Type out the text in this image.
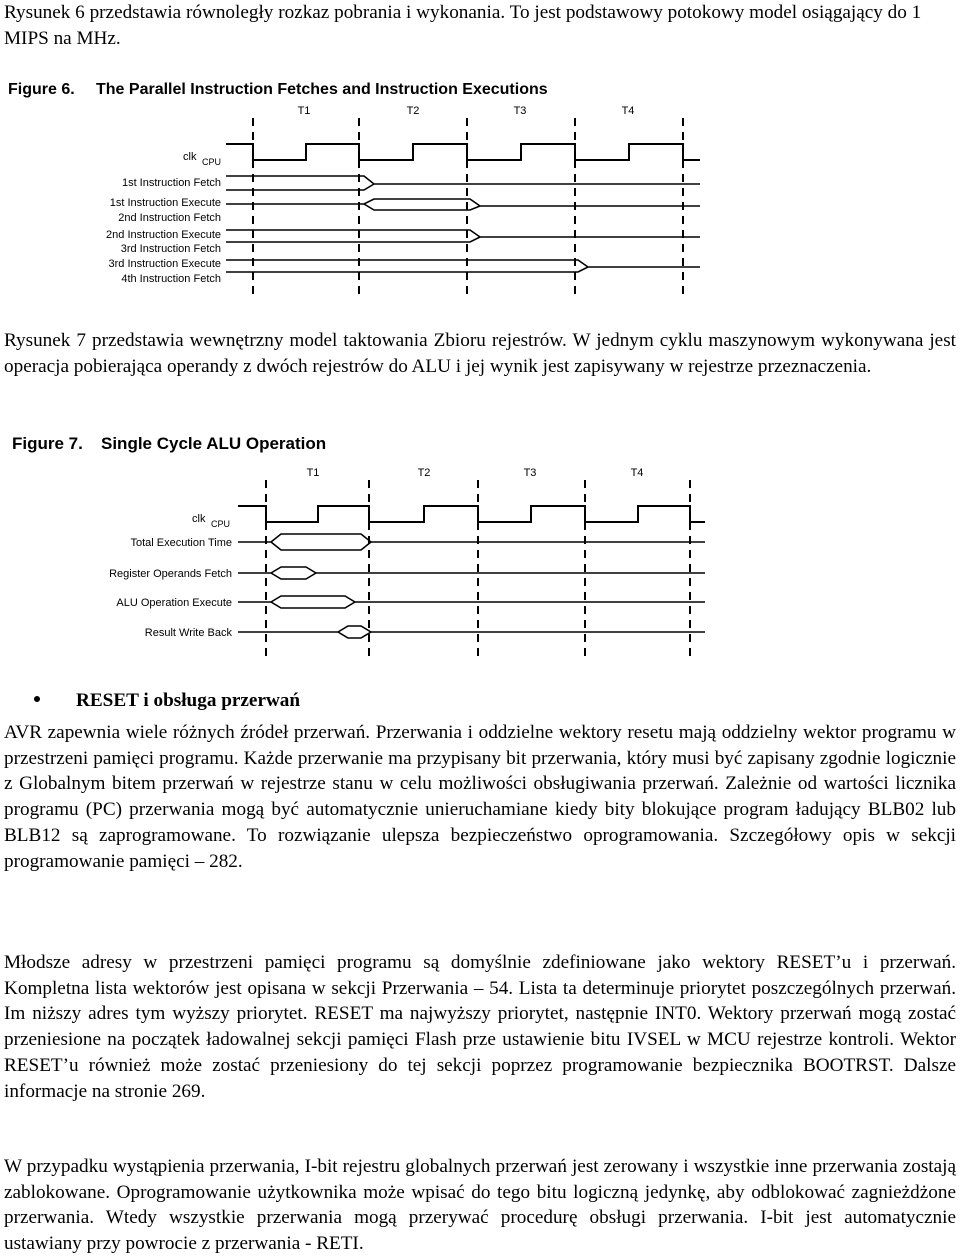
Rysunek 6 przedstawia równoległy rozkaz pobrania i wykonania. To jest podstawowy potokowy model osiągający do 1 MIPS na MHz.

Figure 6. The Parallel Instruction Fetches and Instruction Executions
T1	T2	T3	T4
clk CPU
1st Instruction Fetch
1st Instruction Execute
2nd Instruction Fetch
2nd Instruction Execute
3rd Instruction Fetch
3rd Instruction Execute
4th Instruction Fetch

Rysunek 7 przedstawia wewnętrzny model taktowania Zbioru rejestrów. W jednym cyklu maszynowym wykonywana jest operacja pobierająca operandy z dwóch rejestrów do ALU i jej wynik jest zapisywany w rejestrze przeznaczenia.

Figure 7. Single Cycle ALU Operation
T1	T2	T3	T4
clk CPU
Total Execution Time
Register Operands Fetch
ALU Operation Execute
Result Write Back
RESET i obsługa przerwań

AVR zapewnia wiele różnych źródeł przerwań. Przerwania i oddzielne wektory resetu mają oddzielny wektor programu w przestrzeni pamięci programu. Każde przerwanie ma przypisany bit przerwania, który musi być zapisany zgodnie logicznie z Globalnym bitem przerwań w rejestrze stanu w celu możliwości obsługiwania przerwań. Zależnie od wartości licznika programu (PC) przerwania mogą być automatycznie unieruchamiane kiedy bity blokujące program ładujący BLB02 lub BLB12 są zaprogramowane. To rozwiązanie ulepsza bezpieczeństwo oprogramowania. Szczegółowy opis w sekcji programowanie pamięci – 282.

Młodsze adresy w przestrzeni pamięci programu są domyślnie zdefiniowane jako wektory RESET’u i przerwań. Kompletna lista wektorów jest opisana w sekcji Przerwania – 54. Lista ta determinuje priorytet poszczególnych przerwań. Im niższy adres tym wyższy priorytet. RESET ma najwyższy priorytet, następnie INT0. Wektory przerwań mogą zostać przeniesione na początek ładowalnej sekcji pamięci Flash prze ustawienie bitu IVSEL w MCU rejestrze kontroli. Wektor RESET’u również może zostać przeniesiony do tej sekcji poprzez programowanie bezpiecznika BOOTRST. Dalsze informacje na stronie 269.

W przypadku wystąpienia przerwania, I-bit rejestru globalnych przerwań jest zerowany i wszystkie inne przerwania zostają zablokowane. Oprogramowanie użytkownika może wpisać do tego bitu logiczną jedynkę, aby odblokować zagnieżdżone przerwania. Wtedy wszystkie przerwania mogą przerywać procedurę obsługi przerwania. I-bit jest automatycznie ustawiany przy powrocie z przerwania - RETI.
